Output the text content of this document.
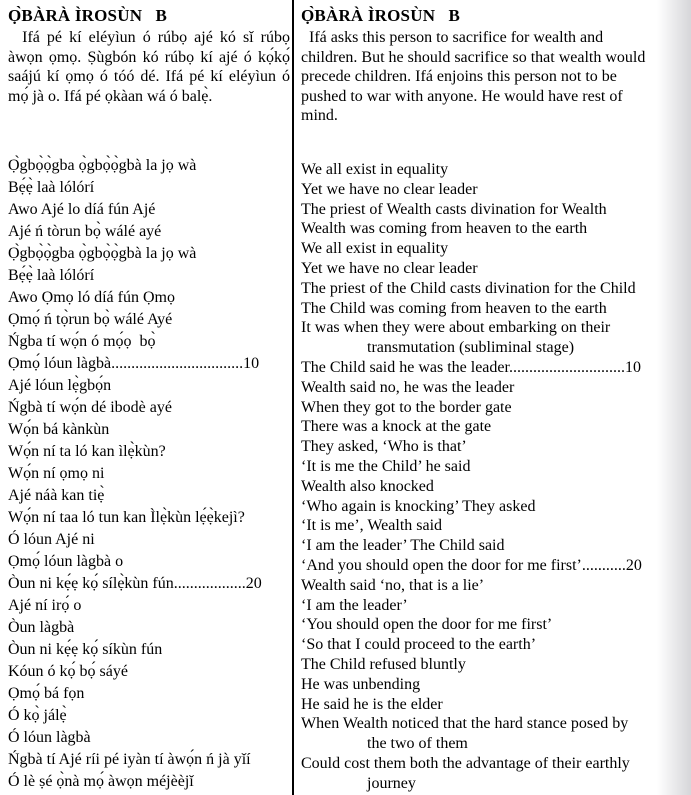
Ọ̀BÀRÀ ÌROSÙN   B
Ifá pé kí eléyìun ó rúbọ ajé kó sǐ rúbọ
àwọn ọmọ. Ṣùgbón kó rúbọ kí ajé ó kọ́kọ́
saájú kí ọmọ ó tóó dé. Ifá pé kí eléyìun ó
mọ́ jà o. Ifá pé ọkàan wá ó balẹ̀.
Ọ̀gbọ̀ọ̀gba ọ̀gbọ̀ọ̀gbà la jọ wà
Bẹ́ẹ̀ laà lólórí
Awo Ajé lo díá fún Ajé
Ajé ń tòrun bọ̀ wálé ayé
Ọ̀gbọ̀ọ̀gba ọ̀gbọ̀ọ̀gbà la jọ wà
Bẹ́ẹ̀ laà lólórí
Awo Ọmọ ló díá fún Ọmọ
Ọmọ́ ń tọ̀run bọ̀ wálé Ayé
Ńgba tí wọ́n ó mọ́ọ  bọ̀
Ọmọ́ lóun làgbà.................................10
Ajé lóun lẹ̀gbọ́n
Ńgbà tí wọ́n dé ibodè ayé
Wọ́n bá kànkùn
Wọ́n ní ta ló kan ìlẹ̀kùn?
Wọ́n ní ọmọ ni
Ajé náà kan tiẹ̀
Wọ́n ní taa ló tun kan Ìlẹ̀kùn lẹ́ẹ̀kejì?
Ó lóun Ajé ni
Ọmọ́ lóun làgbà o
Òun ni kẹ́ẹ kọ́ sílẹ̀kùn fún..................20
Ajé ní irọ́ o
Òun làgbà
Òun ni kẹ́ẹ kọ́ síkùn fún
Kóun ó kọ́ bọ́ sáyé
Ọmọ́ bá fọn
Ó kọ̀ jálẹ̀
Ó lóun làgbà
Ńgbà tí Ajé ríi pé iyàn tí àwọ́n ń jà yǐí
Ó lè ṣé ọ̀nà mọ́ àwọn méjèèjǐ
Ọ̀BÀRÀ ÌROSÙN   B
Ifá asks this person to sacrifice for wealth and
children. But he should sacrifice so that wealth would
precede children. Ifá enjoins this person not to be
pushed to war with anyone. He would have rest of
mind.
We all exist in equality
Yet we have no clear leader
The priest of Wealth casts divination for Wealth
Wealth was coming from heaven to the earth
We all exist in equality
Yet we have no clear leader
The priest of the Child casts divination for the Child
The Child was coming from heaven to the earth
It was when they were about embarking on their
transmutation (subliminal stage)
The Child said he was the leader.............................10
Wealth said no, he was the leader
When they got to the border gate
There was a knock at the gate
They asked, ‘Who is that’
‘It is me the Child’ he said
Wealth also knocked
‘Who again is knocking’ They asked
‘It is me’, Wealth said
‘I am the leader’ The Child said
‘And you should open the door for me first’...........20
Wealth said ‘no, that is a lie’
‘I am the leader’
‘You should open the door for me first’
‘So that I could proceed to the earth’
The Child refused bluntly
He was unbending
He said he is the elder
When Wealth noticed that the hard stance posed by
the two of them
Could cost them both the advantage of their earthly
journey
